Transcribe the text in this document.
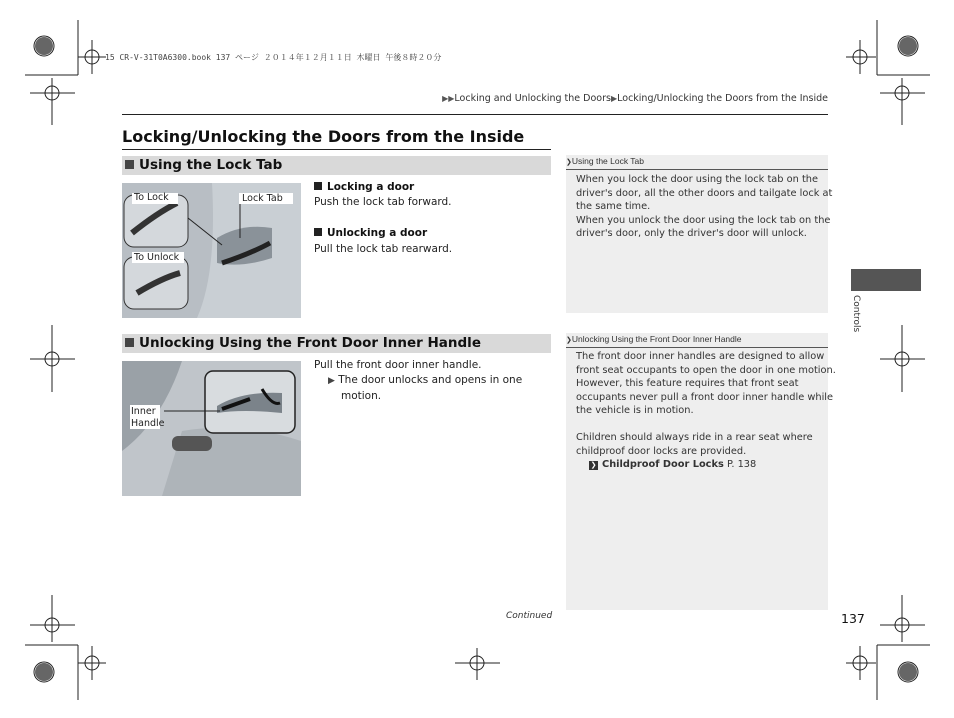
15 CR-V-31T0A6300.book 137 ページ ２０１４年１２月１１日 木曜日 午後８時２０分
▶▶Locking and Unlocking the Doors▶Locking/Unlocking the Doors from the Inside
Locking/Unlocking the Doors from the Inside
Using the Lock Tab
To Lock	Lock Tab
To Unlock
Locking a door
Push the lock tab forward.
Unlocking a door
Pull the lock tab rearward.
❯Using the Lock Tab
When you lock the door using the lock tab on the
driver's door, all the other doors and tailgate lock at
the same time.
When you unlock the door using the lock tab on the
driver's door, only the driver's door will unlock.
Unlocking Using the Front Door Inner Handle
Inner
Handle
Pull the front door inner handle.
▶ The door unlocks and opens in one
motion.
❯Unlocking Using the Front Door Inner Handle
The front door inner handles are designed to allow
front seat occupants to open the door in one motion.
However, this feature requires that front seat
occupants never pull a front door inner handle while
the vehicle is in motion.
Children should always ride in a rear seat where
childproof door locks are provided.
❯ Childproof Door Locks P. 138
Controls
Continued	137
